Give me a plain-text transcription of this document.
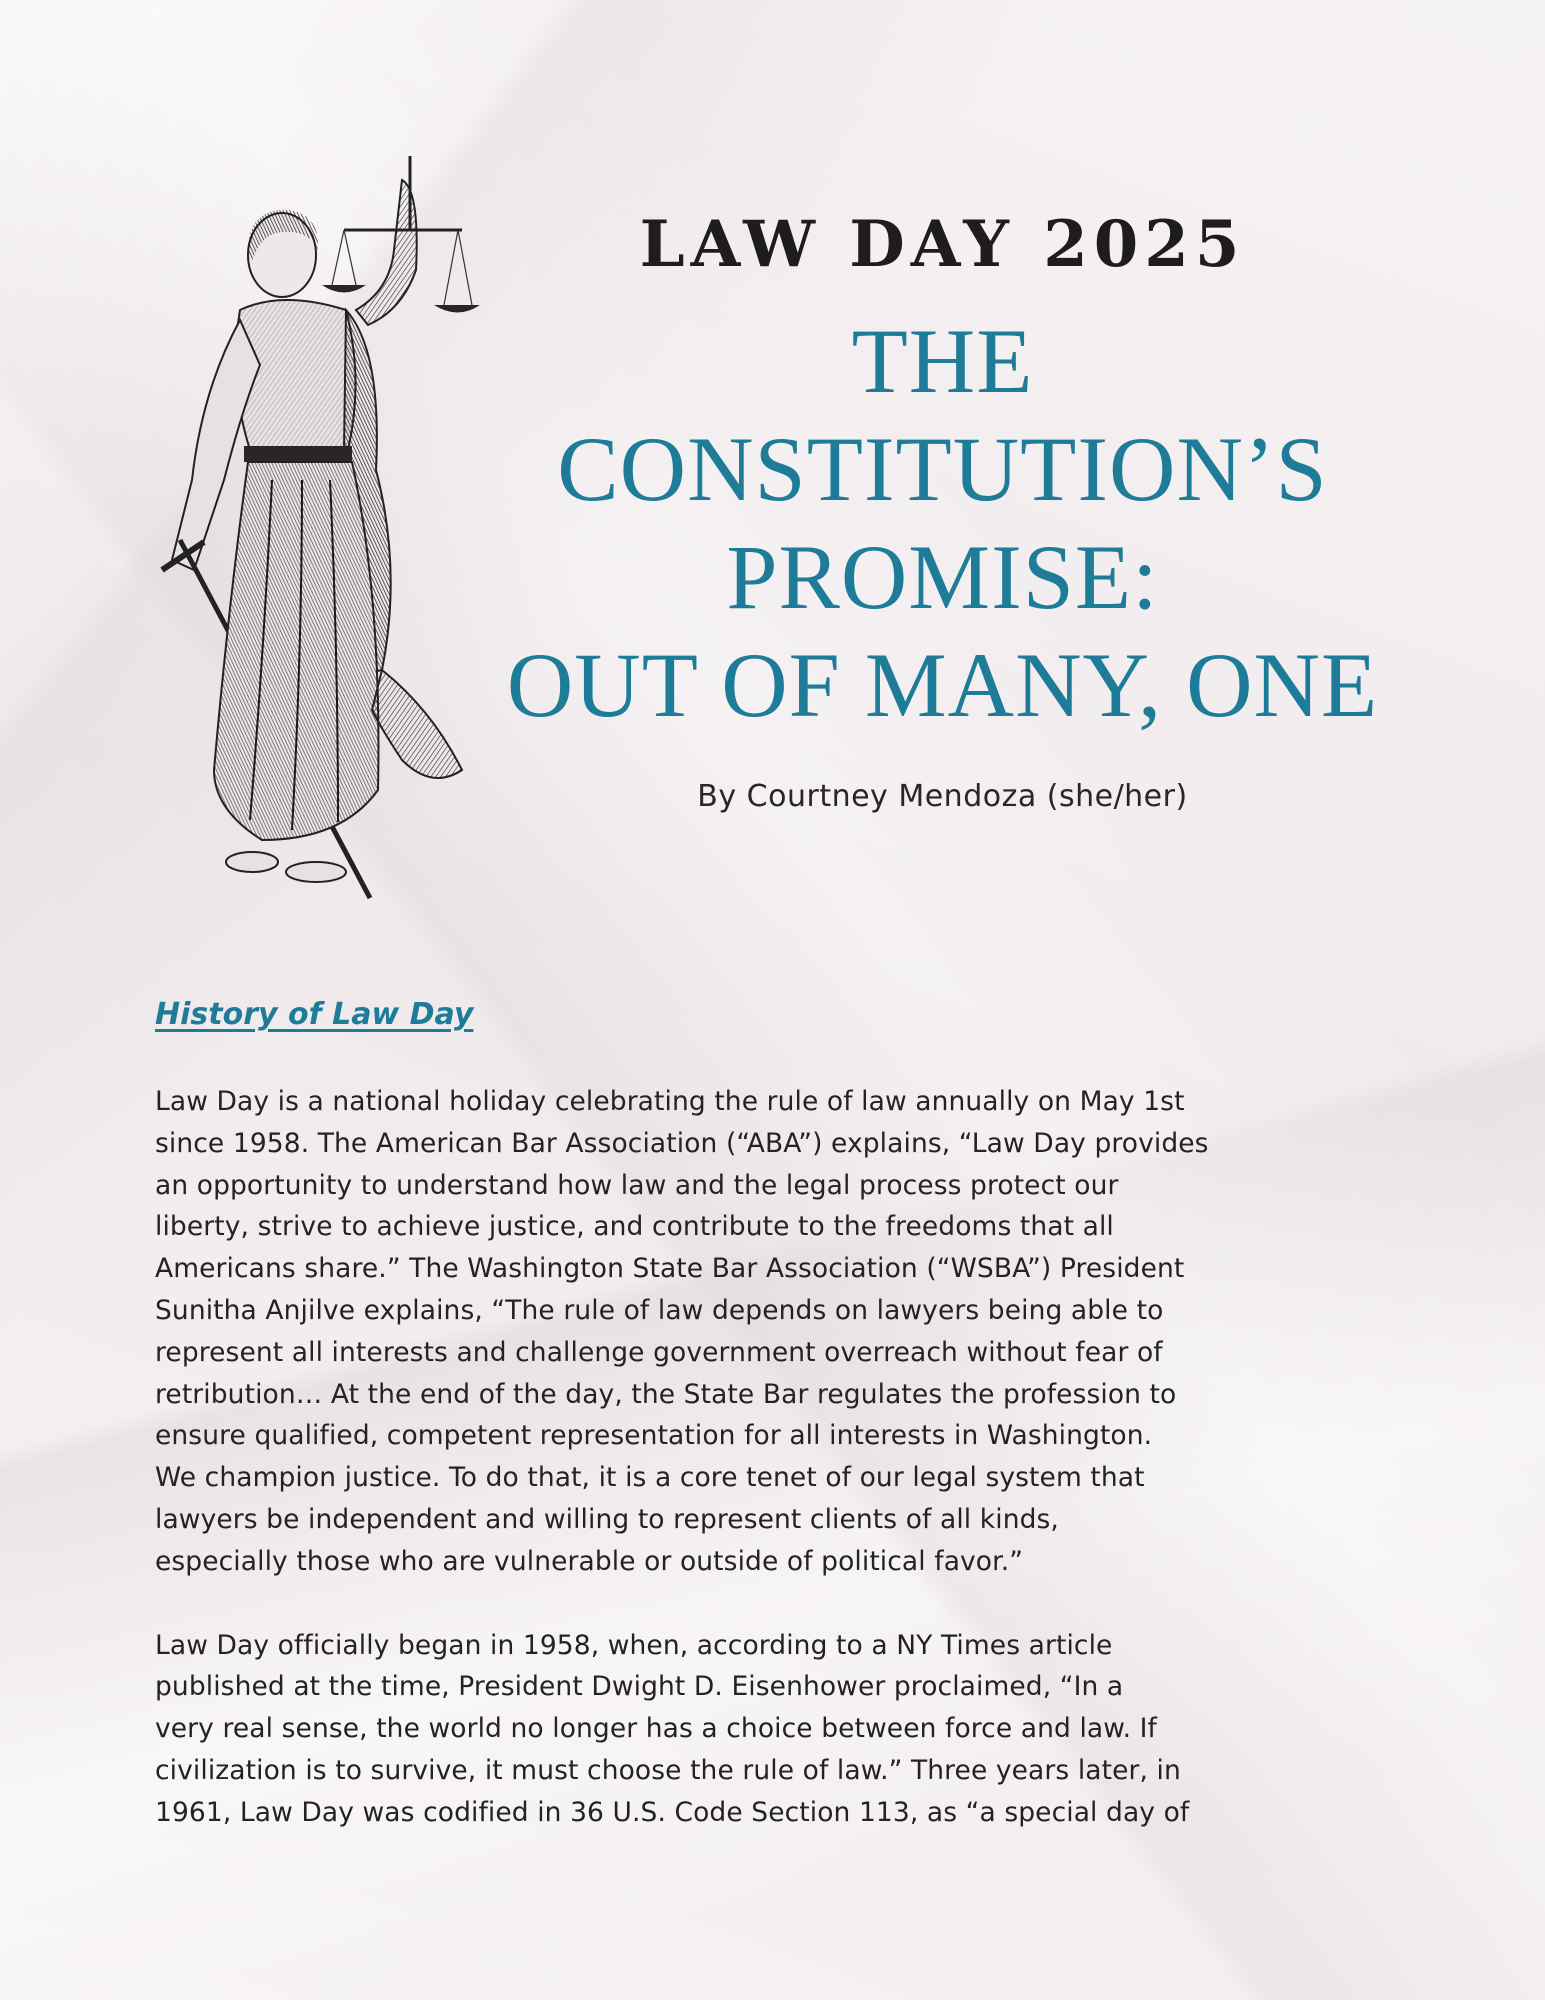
LAW DAY 2025
THE
CONSTITUTION’S
PROMISE:
OUT OF MANY, ONE
By Courtney Mendoza (she/her)
History of Law Day

Law Day is a national holiday celebrating the rule of law annually on May 1st
since 1958. The American Bar Association (“ABA”) explains, “Law Day provides
an opportunity to understand how law and the legal process protect our
liberty, strive to achieve justice, and contribute to the freedoms that all
Americans share.” The Washington State Bar Association (“WSBA”) President
Sunitha Anjilve explains, “The rule of law depends on lawyers being able to
represent all interests and challenge government overreach without fear of
retribution… At the end of the day, the State Bar regulates the profession to
ensure qualified, competent representation for all interests in Washington.
We champion justice. To do that, it is a core tenet of our legal system that
lawyers be independent and willing to represent clients of all kinds,
especially those who are vulnerable or outside of political favor.”

Law Day officially began in 1958, when, according to a NY Times article
published at the time, President Dwight D. Eisenhower proclaimed, “In a
very real sense, the world no longer has a choice between force and law. If
civilization is to survive, it must choose the rule of law.” Three years later, in
1961, Law Day was codified in 36 U.S. Code Section 113, as “a special day of
